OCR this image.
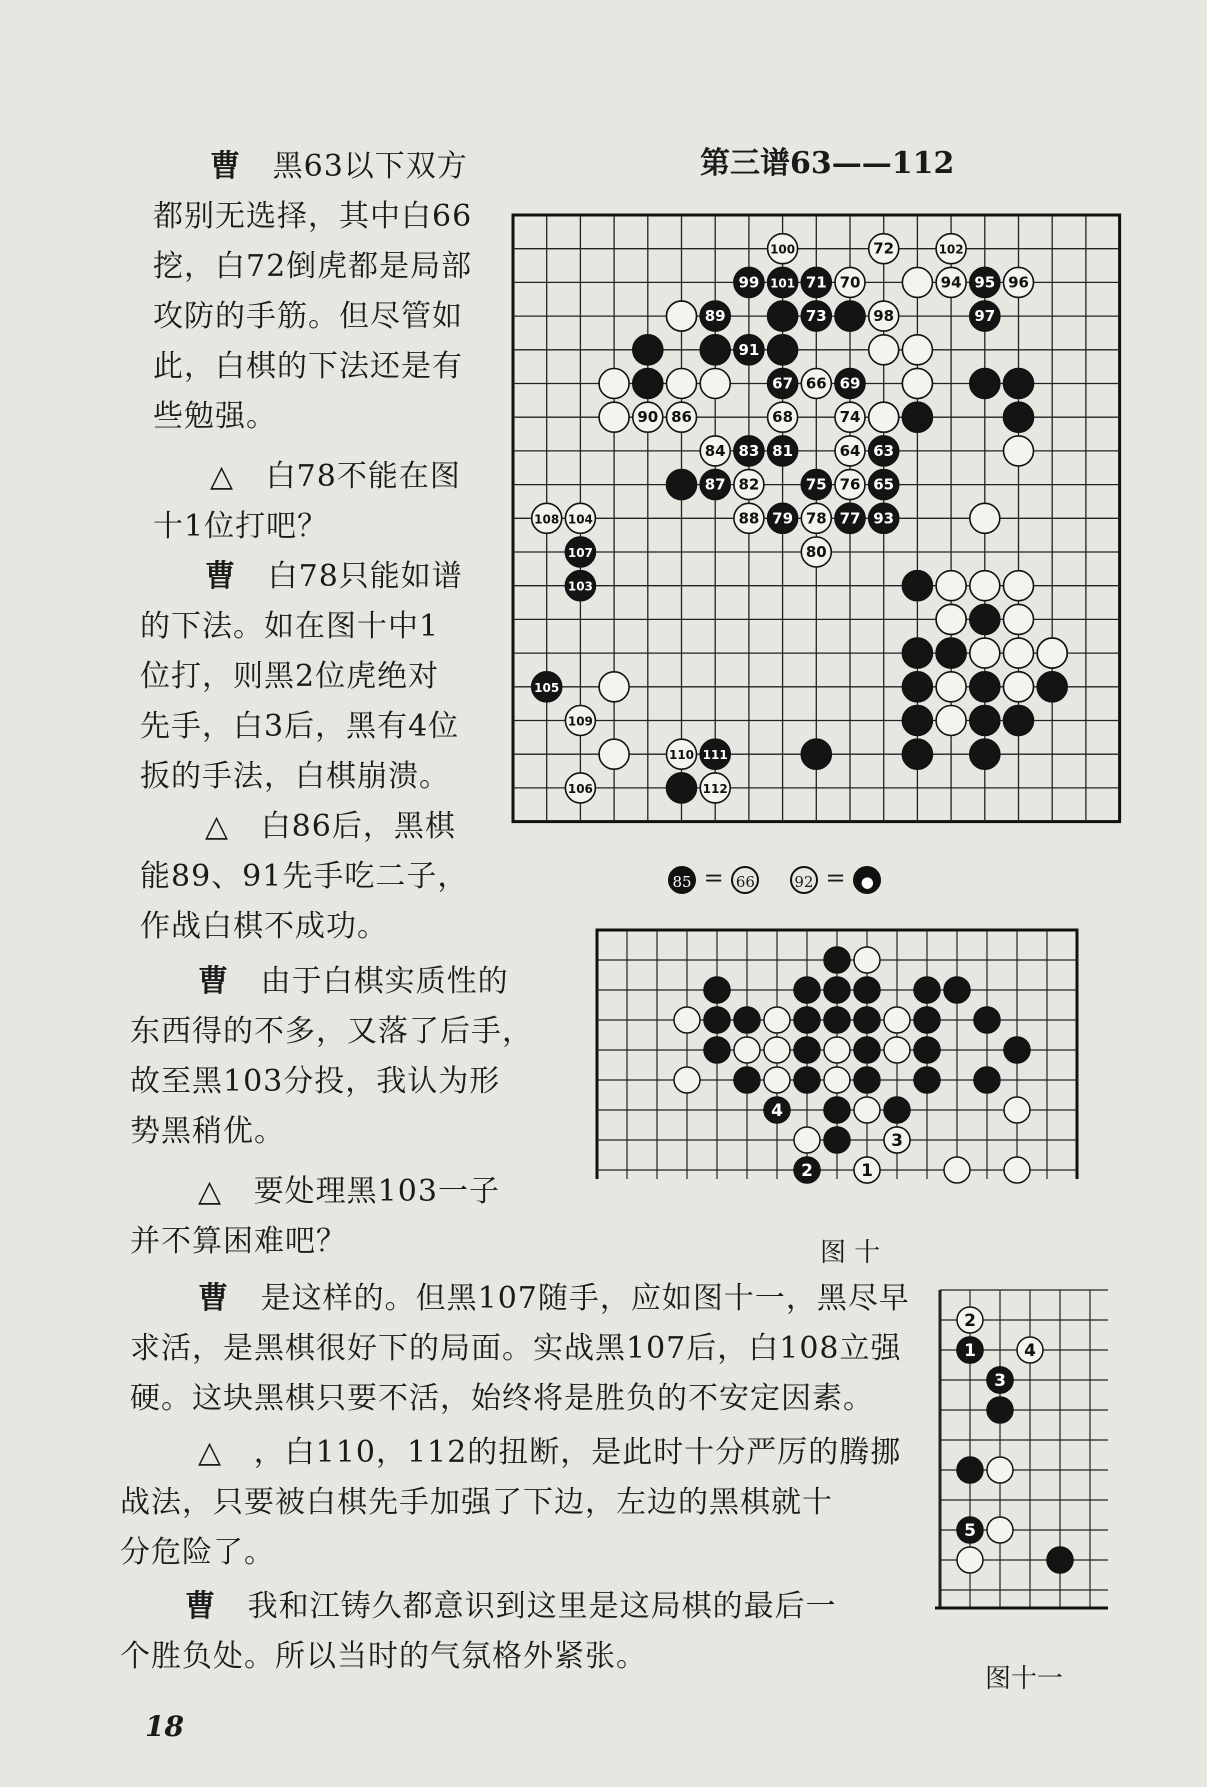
曹 黑63以下双方
都别无选择，其中白66
挖，白72倒虎都是局部
攻防的手筋。但尽管如
此，白棋的下法还是有
些勉强。
△ 白78不能在图
十1位打吧？
曹 白78只能如谱
的下法。如在图十中1
位打，则黑2位虎绝对
先手，白3后，黑有4位
扳的手法，白棋崩溃。
△ 白86后，黑棋
能89、91先手吃二子，
作战白棋不成功。
曹 由于白棋实质性的
东西得的不多，又落了后手，
故至黑103分投，我认为形
势黑稍优。
△ 要处理黑103一子
并不算困难吧？
曹 是这样的。但黑107随手，应如图十一，黑尽早
求活，是黑棋很好下的局面。实战黑107后，白108立强
硬。这块黑棋只要不活，始终将是胜负的不安定因素。
△ ，白110，112的扭断，是此时十分严厉的腾挪
战法，只要被白棋先手加强了下边，左边的黑棋就十
分危险了。
曹 我和江铸久都意识到这里是这局棋的最后一
个胜负处。所以当时的气氛格外紧张。
第三谱63——112
100	72	102
99 101 71 70	94 95 96
89	73	98	97
91
67 66 69
90 86	68	74
84 83 81	64 63
87 82	75 76 65
88 79 78 77 93
108 104
107	80
103
105
109
110 111
106	112
85 = 66	92 = ●
4
3
2	1
图 十
2
1	4
3
5
图十一
18
